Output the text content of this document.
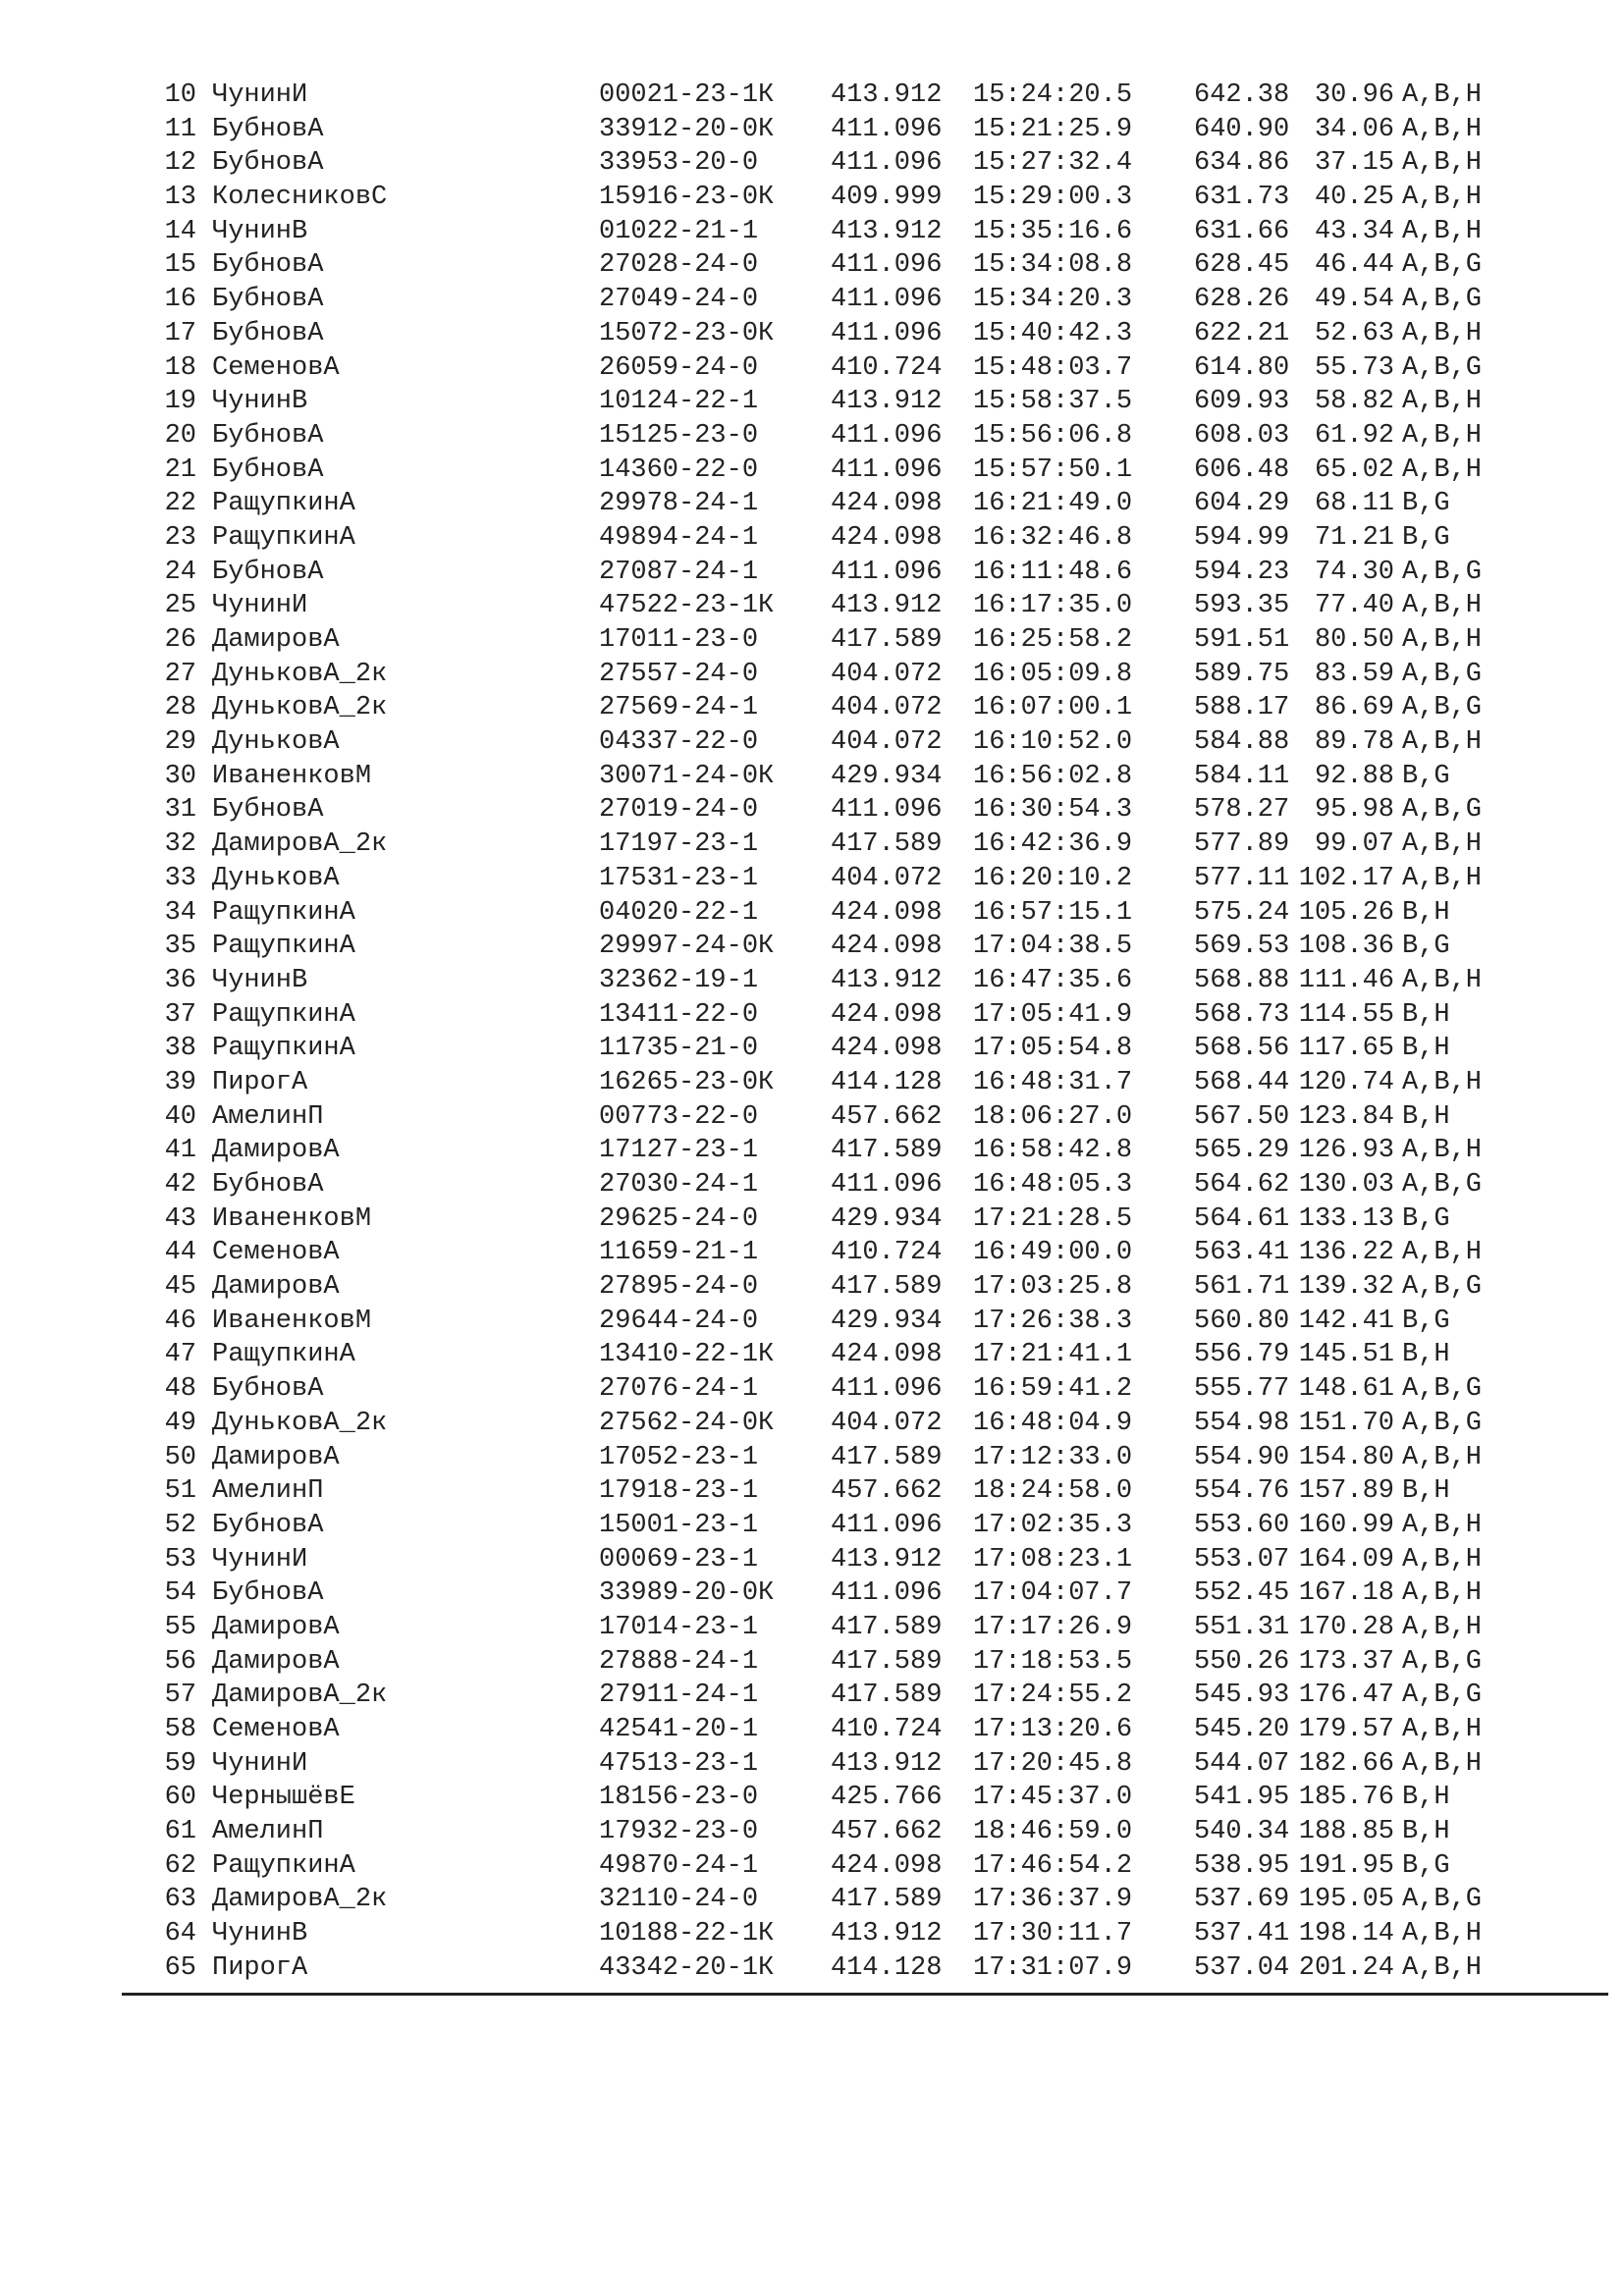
10 ЧунинИ	00021-23-1К 413.912 15:24:20.5 642.38 30.96 A,B,H
11 БубновА	33912-20-0К 411.096 15:21:25.9 640.90 34.06 A,B,H
12 БубновА	33953-20-0	411.096 15:27:32.4 634.86 37.15 A,B,H
13 КолесниковС	15916-23-0К 409.999 15:29:00.3 631.73 40.25 A,B,H
14 ЧунинВ	01022-21-1	413.912 15:35:16.6 631.66 43.34 A,B,H
15 БубновА	27028-24-0	411.096 15:34:08.8 628.45 46.44 A,B,G
16 БубновА	27049-24-0	411.096 15:34:20.3 628.26 49.54 A,B,G
17 БубновА	15072-23-0К 411.096 15:40:42.3 622.21 52.63 A,B,H
18 СеменовА	26059-24-0	410.724 15:48:03.7 614.80 55.73 A,B,G
19 ЧунинВ	10124-22-1	413.912 15:58:37.5 609.93 58.82 A,B,H
20 БубновА	15125-23-0	411.096 15:56:06.8 608.03 61.92 A,B,H
21 БубновА	14360-22-0	411.096 15:57:50.1 606.48 65.02 A,B,H
22 РащупкинА	29978-24-1	424.098 16:21:49.0 604.29 68.11 B,G
23 РащупкинА	49894-24-1	424.098 16:32:46.8 594.99 71.21 B,G
24 БубновА	27087-24-1	411.096 16:11:48.6 594.23 74.30 A,B,G
25 ЧунинИ	47522-23-1К 413.912 16:17:35.0 593.35 77.40 A,B,H
26 ДамировА	17011-23-0	417.589 16:25:58.2 591.51 80.50 A,B,H
27 ДуньковА_2к	27557-24-0	404.072 16:05:09.8 589.75 83.59 A,B,G
28 ДуньковА_2к	27569-24-1	404.072 16:07:00.1 588.17 86.69 A,B,G
29 ДуньковА	04337-22-0	404.072 16:10:52.0 584.88 89.78 A,B,H
30 ИваненковМ	30071-24-0К 429.934 16:56:02.8 584.11 92.88 B,G
31 БубновА	27019-24-0	411.096 16:30:54.3 578.27 95.98 A,B,G
32 ДамировА_2к	17197-23-1	417.589 16:42:36.9 577.89 99.07 A,B,H
33 ДуньковА	17531-23-1	404.072 16:20:10.2 577.11 102.17 A,B,H
34 РащупкинА	04020-22-1	424.098 16:57:15.1 575.24 105.26 B,H
35 РащупкинА	29997-24-0К 424.098 17:04:38.5 569.53 108.36 B,G
36 ЧунинВ	32362-19-1	413.912 16:47:35.6 568.88 111.46 A,B,H
37 РащупкинА	13411-22-0	424.098 17:05:41.9 568.73 114.55 B,H
38 РащупкинА	11735-21-0	424.098 17:05:54.8 568.56 117.65 B,H
39 ПирогА	16265-23-0К 414.128 16:48:31.7 568.44 120.74 A,B,H
40 АмелинП	00773-22-0	457.662 18:06:27.0 567.50 123.84 B,H
41 ДамировА	17127-23-1	417.589 16:58:42.8 565.29 126.93 A,B,H
42 БубновА	27030-24-1	411.096 16:48:05.3 564.62 130.03 A,B,G
43 ИваненковМ	29625-24-0	429.934 17:21:28.5 564.61 133.13 B,G
44 СеменовА	11659-21-1	410.724 16:49:00.0 563.41 136.22 A,B,H
45 ДамировА	27895-24-0	417.589 17:03:25.8 561.71 139.32 A,B,G
46 ИваненковМ	29644-24-0	429.934 17:26:38.3 560.80 142.41 B,G
47 РащупкинА	13410-22-1К 424.098 17:21:41.1 556.79 145.51 B,H
48 БубновА	27076-24-1	411.096 16:59:41.2 555.77 148.61 A,B,G
49 ДуньковА_2к	27562-24-0К 404.072 16:48:04.9 554.98 151.70 A,B,G
50 ДамировА	17052-23-1	417.589 17:12:33.0 554.90 154.80 A,B,H
51 АмелинП	17918-23-1	457.662 18:24:58.0 554.76 157.89 B,H
52 БубновА	15001-23-1	411.096 17:02:35.3 553.60 160.99 A,B,H
53 ЧунинИ	00069-23-1	413.912 17:08:23.1 553.07 164.09 A,B,H
54 БубновА	33989-20-0К 411.096 17:04:07.7 552.45 167.18 A,B,H
55 ДамировА	17014-23-1	417.589 17:17:26.9 551.31 170.28 A,B,H
56 ДамировА	27888-24-1	417.589 17:18:53.5 550.26 173.37 A,B,G
57 ДамировА_2к	27911-24-1	417.589 17:24:55.2 545.93 176.47 A,B,G
58 СеменовА	42541-20-1	410.724 17:13:20.6 545.20 179.57 A,B,H
59 ЧунинИ	47513-23-1	413.912 17:20:45.8 544.07 182.66 A,B,H
60 ЧернышёвЕ	18156-23-0	425.766 17:45:37.0 541.95 185.76 B,H
61 АмелинП	17932-23-0	457.662 18:46:59.0 540.34 188.85 B,H
62 РащупкинА	49870-24-1	424.098 17:46:54.2 538.95 191.95 B,G
63 ДамировА_2к	32110-24-0	417.589 17:36:37.9 537.69 195.05 A,B,G
64 ЧунинВ	10188-22-1К 413.912 17:30:11.7 537.41 198.14 A,B,H
65 ПирогА	43342-20-1К 414.128 17:31:07.9 537.04 201.24 A,B,H
